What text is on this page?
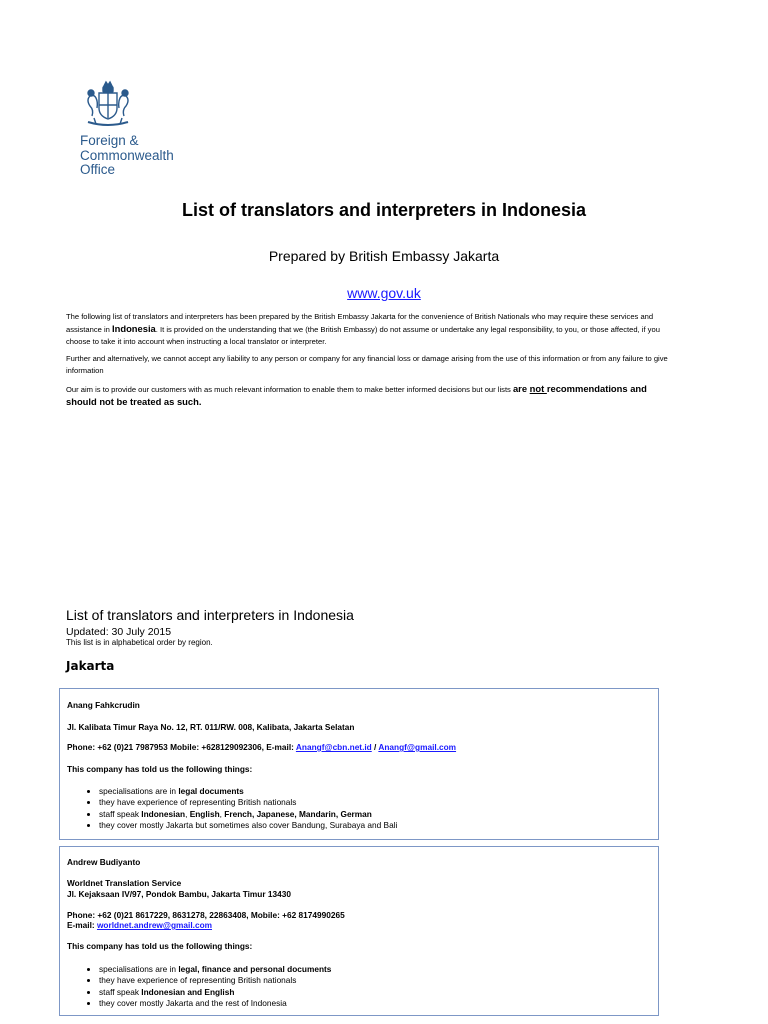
Foreign &
Commonwealth
Office
List of translators and interpreters in Indonesia
Prepared by British Embassy Jakarta
www.gov.uk
The following list of translators and interpreters has been prepared by the British Embassy Jakarta for the convenience of British Nationals who may require these services and assistance in Indonesia. It is provided on the understanding that we (the British Embassy) do not assume or undertake any legal responsibility, to you, or those affected, if you choose to take it into account when instructing a local translator or interpreter.
Further and alternatively, we cannot accept any liability to any person or company for any financial loss or damage arising from the use of this information or from any failure to give information
Our aim is to provide our customers with as much relevant information to enable them to make better informed decisions but our lists are not recommendations and should not be treated as such.
List of translators and interpreters in Indonesia
Updated: 30 July 2015
This list is in alphabetical order by region.
Jakarta
Anang Fahkcrudin
Jl. Kalibata Timur Raya No. 12, RT. 011/RW. 008, Kalibata, Jakarta Selatan
Phone: +62 (0)21 7987953 Mobile: +628129092306, E-mail: Anangf@cbn.net.id / Anangf@gmail.com
This company has told us the following things:
• specialisations are in legal documents
• they have experience of representing British nationals
• staff speak Indonesian, English, French, Japanese, Mandarin, German
• they cover mostly Jakarta but sometimes also cover Bandung, Surabaya and Bali
Andrew Budiyanto
Worldnet Translation Service
Jl. Kejaksaan IV/97, Pondok Bambu, Jakarta Timur 13430
Phone: +62 (0)21 8617229, 8631278, 22863408, Mobile: +62 8174990265
E-mail: worldnet.andrew@gmail.com
This company has told us the following things:
• specialisations are in legal, finance and personal documents
• they have experience of representing British nationals
• staff speak Indonesian and English
• they cover mostly Jakarta and the rest of Indonesia
